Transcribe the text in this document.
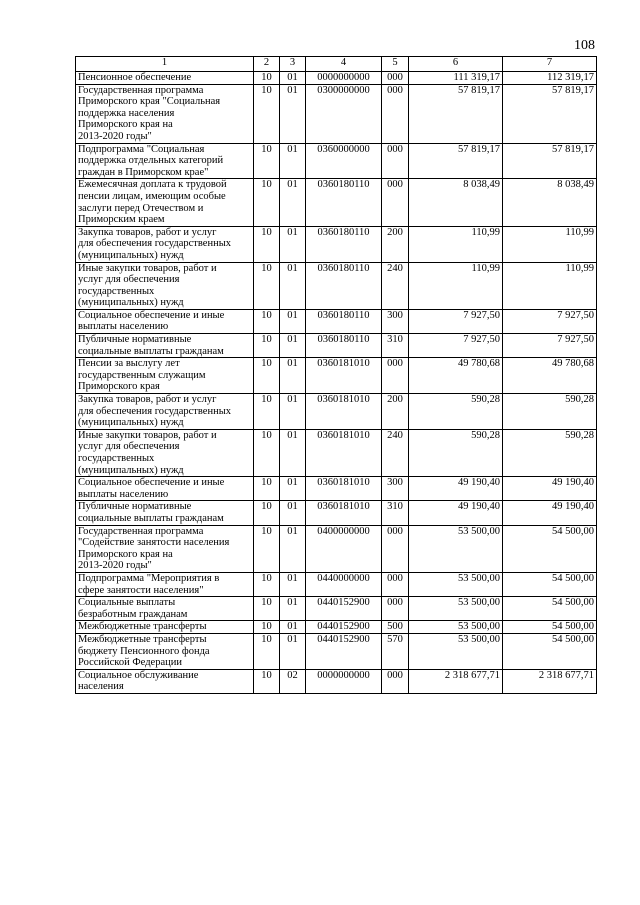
108
1	2	3	4	5	6	7
Пенсионное обеспечение	10	01	0000000000	000	111 319,17	112 319,17
Государственная программа
Приморского края "Социальная
поддержка населения
Приморского края на
2013-2020 годы"	10	01	0300000000	000	57 819,17	57 819,17
Подпрограмма "Социальная
поддержка отдельных категорий
граждан в Приморском крае"	10	01	0360000000	000	57 819,17	57 819,17
Ежемесячная доплата к трудовой
пенсии лицам, имеющим особые
заслуги перед Отечеством и
Приморским краем	10	01	0360180110	000	8 038,49	8 038,49
Закупка товаров, работ и услуг
для обеспечения государственных
(муниципальных) нужд	10	01	0360180110	200	110,99	110,99
Иные закупки товаров, работ и
услуг для обеспечения
государственных
(муниципальных) нужд	10	01	0360180110	240	110,99	110,99
Социальное обеспечение и иные
выплаты населению	10	01	0360180110	300	7 927,50	7 927,50
Публичные нормативные
социальные выплаты гражданам	10	01	0360180110	310	7 927,50	7 927,50
Пенсии за выслугу лет
государственным служащим
Приморского края	10	01	0360181010	000	49 780,68	49 780,68
Закупка товаров, работ и услуг
для обеспечения государственных
(муниципальных) нужд	10	01	0360181010	200	590,28	590,28
Иные закупки товаров, работ и
услуг для обеспечения
государственных
(муниципальных) нужд	10	01	0360181010	240	590,28	590,28
Социальное обеспечение и иные
выплаты населению	10	01	0360181010	300	49 190,40	49 190,40
Публичные нормативные
социальные выплаты гражданам	10	01	0360181010	310	49 190,40	49 190,40
Государственная программа
"Содействие занятости населения
Приморского края на
2013-2020 годы"	10	01	0400000000	000	53 500,00	54 500,00
Подпрограмма "Мероприятия в
сфере занятости населения"	10	01	0440000000	000	53 500,00	54 500,00
Социальные выплаты
безработным гражданам	10	01	0440152900	000	53 500,00	54 500,00
Межбюджетные трансферты	10	01	0440152900	500	53 500,00	54 500,00
Межбюджетные трансферты
бюджету Пенсионного фонда
Российской Федерации	10	01	0440152900	570	53 500,00	54 500,00
Социальное обслуживание
населения	10	02	0000000000	000	2 318 677,71	2 318 677,71
